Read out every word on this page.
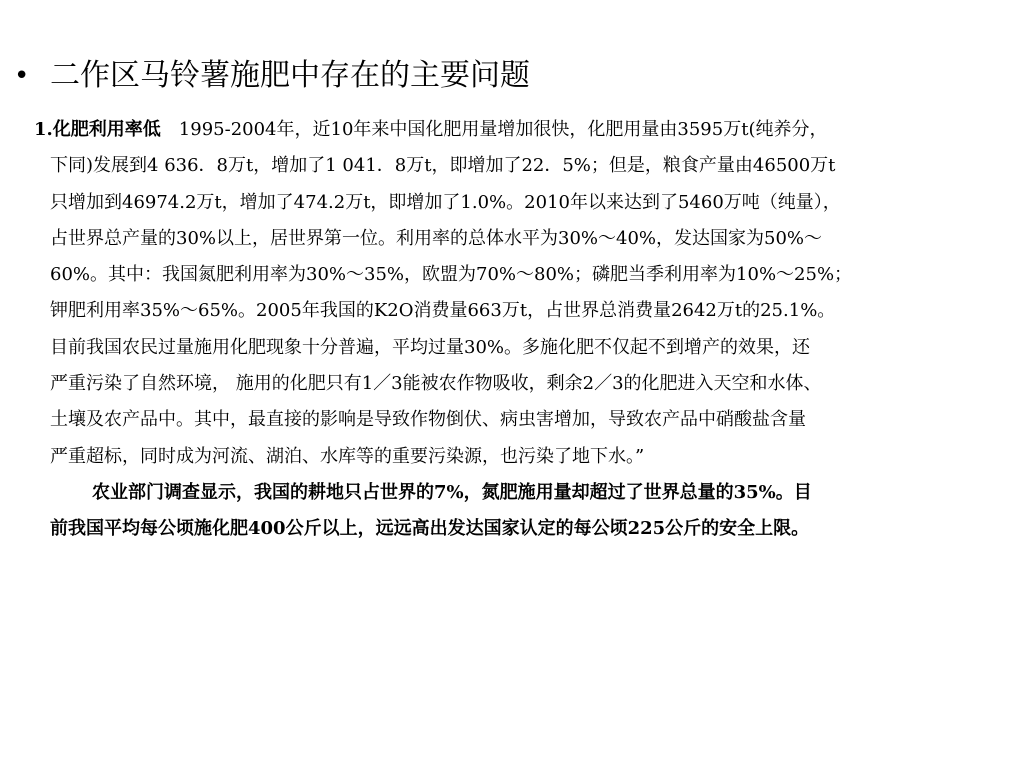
• 二作区马铃薯施肥中存在的主要问题
1.化肥利用率低 1995-2004年，近10年来中国化肥用量增加很快，化肥用量由3595万t(纯养分，
下同)发展到4 636．8万t，增加了1 041．8万t，即增加了22．5%；但是，粮食产量由46500万t
只增加到46974.2万t，增加了474.2万t，即增加了1.0%。2010年以来达到了5460万吨（纯量），
占世界总产量的30%以上，居世界第一位。利用率的总体水平为30%～40%，发达国家为50%～
60%。其中：我国氮肥利用率为30%～35%，欧盟为70%～80%；磷肥当季利用率为10%～25%；
钾肥利用率35%～65%。2005年我国的K2O消费量663万t，占世界总消费量2642万t的25.1%。
目前我国农民过量施用化肥现象十分普遍，平均过量30%。多施化肥不仅起不到增产的效果，还
严重污染了自然环境， 施用的化肥只有1／3能被农作物吸收，剩余2／3的化肥进入天空和水体、
土壤及农产品中。其中，最直接的影响是导致作物倒伏、病虫害增加，导致农产品中硝酸盐含量
严重超标，同时成为河流、湖泊、水库等的重要污染源，也污染了地下水。”
农业部门调查显示，我国的耕地只占世界的7%，氮肥施用量却超过了世界总量的35%。目
前我国平均每公顷施化肥400公斤以上，远远高出发达国家认定的每公顷225公斤的安全上限。
